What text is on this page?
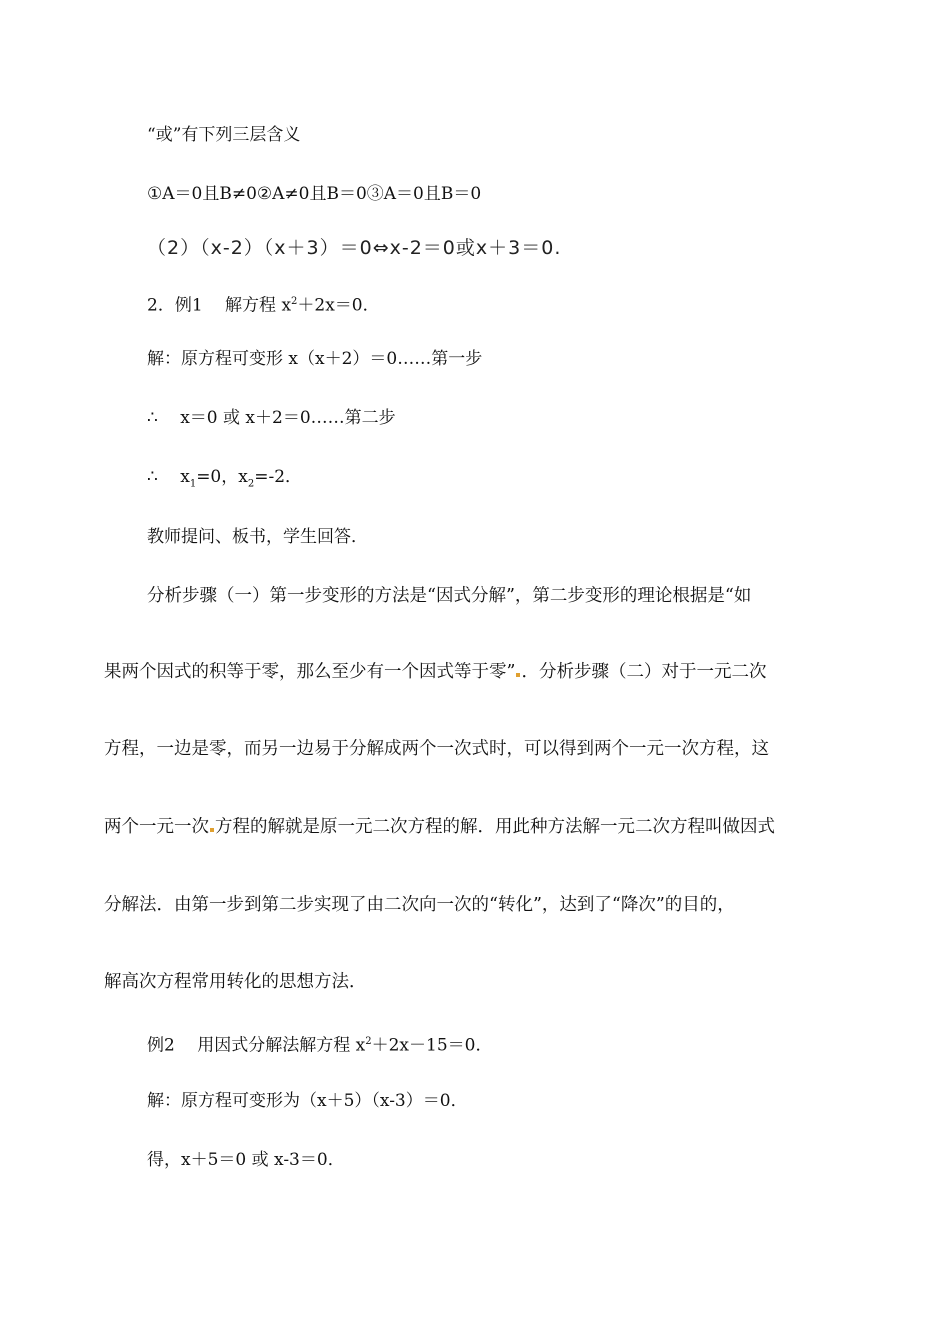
“或”有下列三层含义
①A＝0且B≠0②A≠0且B＝0③A＝0且B＝0
（2）（x-2）（x＋3）＝0⇔x-2＝0或x＋3＝0.
2．例1　 解方程 $x^2+2x=0$．
解：原方程可变形 x（x＋2）＝0……第一步
∴　 x＝0 或 x＋2＝0……第二步
∴　 $x_1=0$，$x_2=-2$．
教师提问、板书，学生回答．
分析步骤（一）第一步变形的方法是“因式分解”，第二步变形的理论根据是“如
果两个因式的积等于零，那么至少有一个因式等于零” ．分析步骤（二）对于一元二次
方程，一边是零，而另一边易于分解成两个一次式时，可以得到两个一元一次方程，这
两个一元一次 方程的解就是原一元二次方程的解．用此种方法解一元二次方程叫做因式
分解法．由第一步到第二步实现了由二次向一次的“转化”，达到了“降次”的目的，
解高次方程常用转化的思想方法．
例2　 用因式分解法解方程 $x^2+2x-15=0$．
解：原方程可变形为（x＋5）（x-3）＝0．
得，x＋5＝0 或 x-3＝0．
